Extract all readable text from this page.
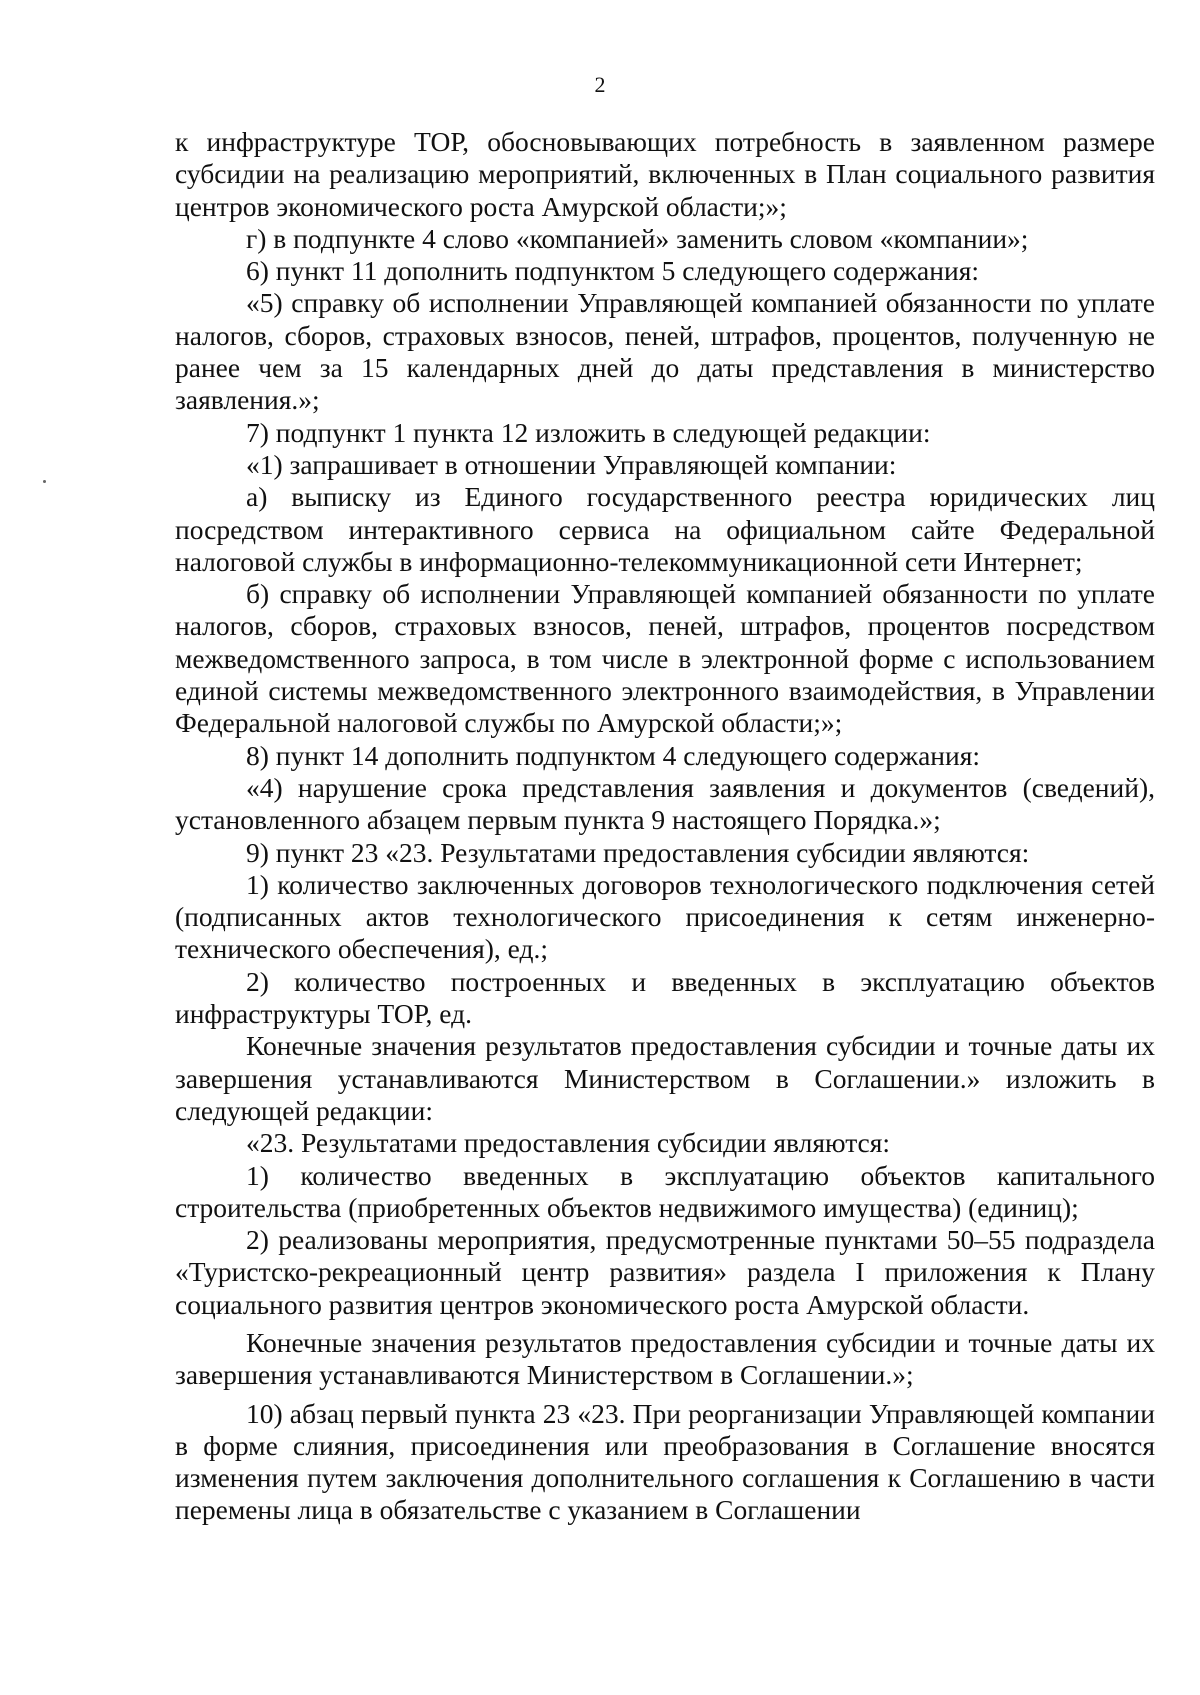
2

к инфраструктуре ТОР, обосновывающих потребность в заявленном размере субсидии на реализацию мероприятий, включенных в План социального развития центров экономического роста Амурской области;»;

г) в подпункте 4 слово «компанией» заменить словом «компании»;

6) пункт 11 дополнить подпунктом 5 следующего содержания:

«5) справку об исполнении Управляющей компанией обязанности по уплате налогов, сборов, страховых взносов, пеней, штрафов, процентов, полученную не ранее чем за 15 календарных дней до даты представления в министерство заявления.»;

7) подпункт 1 пункта 12 изложить в следующей редакции:

«1) запрашивает в отношении Управляющей компании:

а) выписку из Единого государственного реестра юридических лиц посредством интерактивного сервиса на официальном сайте Федеральной налоговой службы в информационно-телекоммуникационной сети Интернет;

б) справку об исполнении Управляющей компанией обязанности по уплате налогов, сборов, страховых взносов, пеней, штрафов, процентов посредством межведомственного запроса, в том числе в электронной форме с использованием единой системы межведомственного электронного взаимодействия, в Управлении Федеральной налоговой службы по Амурской области;»;

8) пункт 14 дополнить подпунктом 4 следующего содержания:

«4) нарушение срока представления заявления и документов (сведений), установленного абзацем первым пункта 9 настоящего Порядка.»;

9) пункт 23 «23. Результатами предоставления субсидии являются:

1) количество заключенных договоров технологического подключения сетей (подписанных актов технологического присоединения к сетям инженерно-технического обеспечения), ед.;

2) количество построенных и введенных в эксплуатацию объектов инфраструктуры ТОР, ед.

Конечные значения результатов предоставления субсидии и точные даты их завершения устанавливаются Министерством в Соглашении.» изложить в следующей редакции:

«23. Результатами предоставления субсидии являются:

1) количество введенных в эксплуатацию объектов капитального строительства (приобретенных объектов недвижимого имущества) (единиц);

2) реализованы мероприятия, предусмотренные пунктами 50–55 подраздела «Туристско-рекреационный центр развития» раздела I приложения к Плану социального развития центров экономического роста Амурской области.

Конечные значения результатов предоставления субсидии и точные даты их завершения устанавливаются Министерством в Соглашении.»;

10) абзац первый пункта 23 «23. При реорганизации Управляющей компании в форме слияния, присоединения или преобразования в Соглашение вносятся изменения путем заключения дополнительного соглашения к Соглашению в части перемены лица в обязательстве с указанием в Соглашении
